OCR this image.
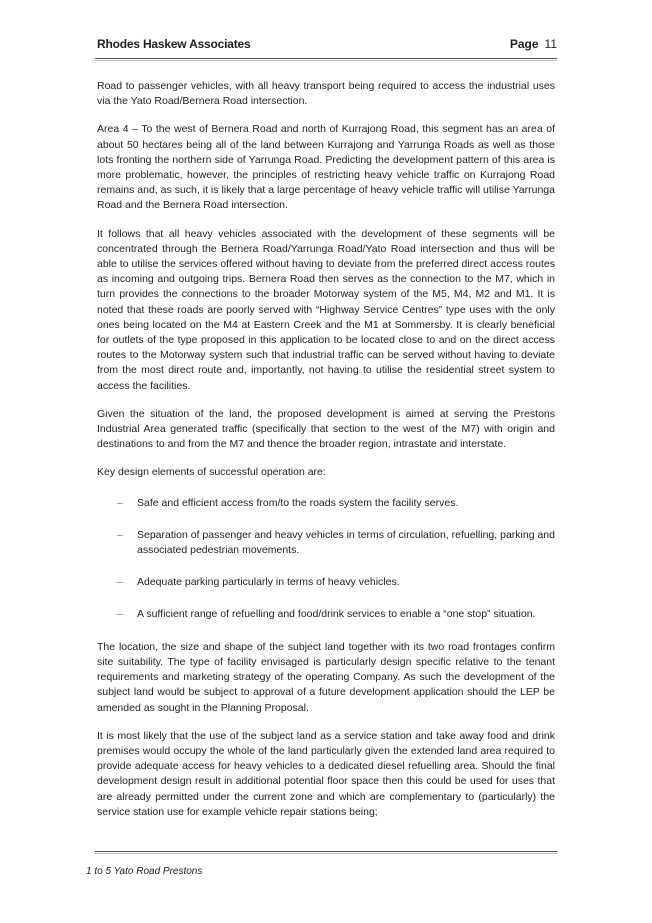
Rhodes Haskew Associates	Page 11

Road to passenger vehicles, with all heavy transport being required to access the industrial uses via the Yato Road/Bernera Road intersection.

Area 4 – To the west of Bernera Road and north of Kurrajong Road, this segment has an area of about 50 hectares being all of the land between Kurrajong and Yarrunga Roads as well as those lots fronting the northern side of Yarrunga Road. Predicting the development pattern of this area is more problematic, however, the principles of restricting heavy vehicle traffic on Kurrajong Road remains and, as such, it is likely that a large percentage of heavy vehicle traffic will utilise Yarrunga Road and the Bernera Road intersection.

It follows that all heavy vehicles associated with the development of these segments will be concentrated through the Bernera Road/Yarrunga Road/Yato Road intersection and thus will be able to utilise the services offered without having to deviate from the preferred direct access routes as incoming and outgoing trips. Bernera Road then serves as the connection to the M7, which in turn provides the connections to the broader Motorway system of the M5, M4, M2 and M1. It is noted that these roads are poorly served with “Highway Service Centres” type uses with the only ones being located on the M4 at Eastern Creek and the M1 at Sommersby. It is clearly beneficial for outlets of the type proposed in this application to be located close to and on the direct access routes to the Motorway system such that industrial traffic can be served without having to deviate from the most direct route and, importantly, not having to utilise the residential street system to access the facilities.

Given the situation of the land, the proposed development is aimed at serving the Prestons Industrial Area generated traffic (specifically that section to the west of the M7) with origin and destinations to and from the M7 and thence the broader region, intrastate and interstate.

Key design elements of successful operation are:

– Safe and efficient access from/to the roads system the facility serves.
– Separation of passenger and heavy vehicles in terms of circulation, refuelling, parking and associated pedestrian movements.
– Adequate parking particularly in terms of heavy vehicles.
– A sufficient range of refuelling and food/drink services to enable a “one stop” situation.

The location, the size and shape of the subject land together with its two road frontages confirm site suitability. The type of facility envisaged is particularly design specific relative to the tenant requirements and marketing strategy of the operating Company. As such the development of the subject land would be subject to approval of a future development application should the LEP be amended as sought in the Planning Proposal.

It is most likely that the use of the subject land as a service station and take away food and drink premises would occupy the whole of the land particularly given the extended land area required to provide adequate access for heavy vehicles to a dedicated diesel refuelling area. Should the final development design result in additional potential floor space then this could be used for uses that are already permitted under the current zone and which are complementary to (particularly) the service station use for example vehicle repair stations being;

1 to 5 Yato Road Prestons
